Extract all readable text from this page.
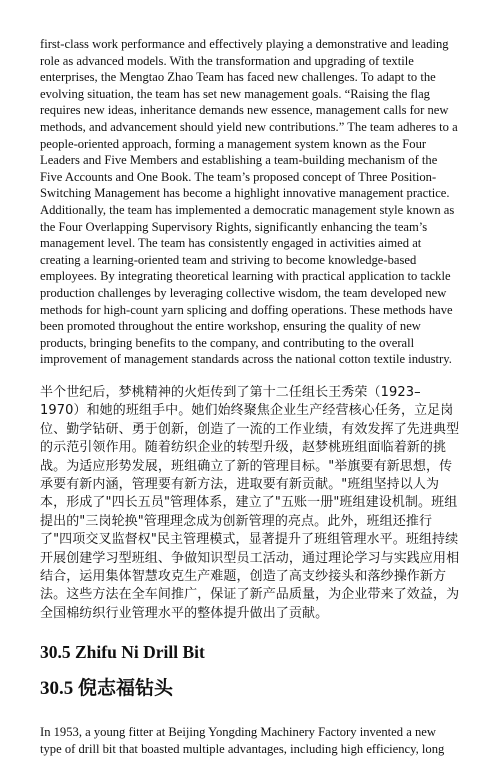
first-class work performance and effectively playing a demonstrative and leading role as advanced models. With the transformation and upgrading of textile enterprises, the Mengtao Zhao Team has faced new challenges. To adapt to the evolving situation, the team has set new management goals. “Raising the flag requires new ideas, inheritance demands new essence, management calls for new methods, and advancement should yield new contributions.” The team adheres to a people-oriented approach, forming a management system known as the Four Leaders and Five Members and establishing a team-building mechanism of the Five Accounts and One Book. The team’s proposed concept of Three Position-Switching Management has become a highlight innovative management practice. Additionally, the team has implemented a democratic management style known as the Four Overlapping Supervisory Rights, significantly enhancing the team’s management level. The team has consistently engaged in activities aimed at creating a learning-oriented team and striving to become knowledge-based employees. By integrating theoretical learning with practical application to tackle production challenges by leveraging collective wisdom, the team developed new methods for high-count yarn splicing and doffing operations. These methods have been promoted throughout the entire workshop, ensuring the quality of new products, bringing benefits to the company, and contributing to the overall improvement of management standards across the national cotton textile industry.

半个世纪后，梦桃精神的火炬传到了第十二任组长王秀荣（1923–1970）和她的班组手中。她们始终聚焦企业生产经营核心任务，立足岗位、勤学钻研、勇于创新，创造了一流的工作业绩，有效发挥了先进典型的示范引领作用。随着纺织企业的转型升级，赵梦桃班组面临着新的挑战。为适应形势发展，班组确立了新的管理目标。"举旗要有新思想，传承要有新内涵，管理要有新方法，进取要有新贡献。"班组坚持以人为本，形成了"四长五员"管理体系，建立了"五账一册"班组建设机制。班组提出的"三岗轮换"管理理念成为创新管理的亮点。此外，班组还推行了"四项交叉监督权"民主管理模式，显著提升了班组管理水平。班组持续开展创建学习型班组、争做知识型员工活动，通过理论学习与实践应用相结合，运用集体智慧攻克生产难题，创造了高支纱接头和落纱操作新方法。这些方法在全车间推广，保证了新产品质量，为企业带来了效益，为全国棉纺织行业管理水平的整体提升做出了贡献。

30.5 Zhifu Ni Drill Bit
30.5 倪志福钻头

In 1953, a young fitter at Beijing Yongding Machinery Factory invented a new type of drill bit that boasted multiple advantages, including high efficiency, long
